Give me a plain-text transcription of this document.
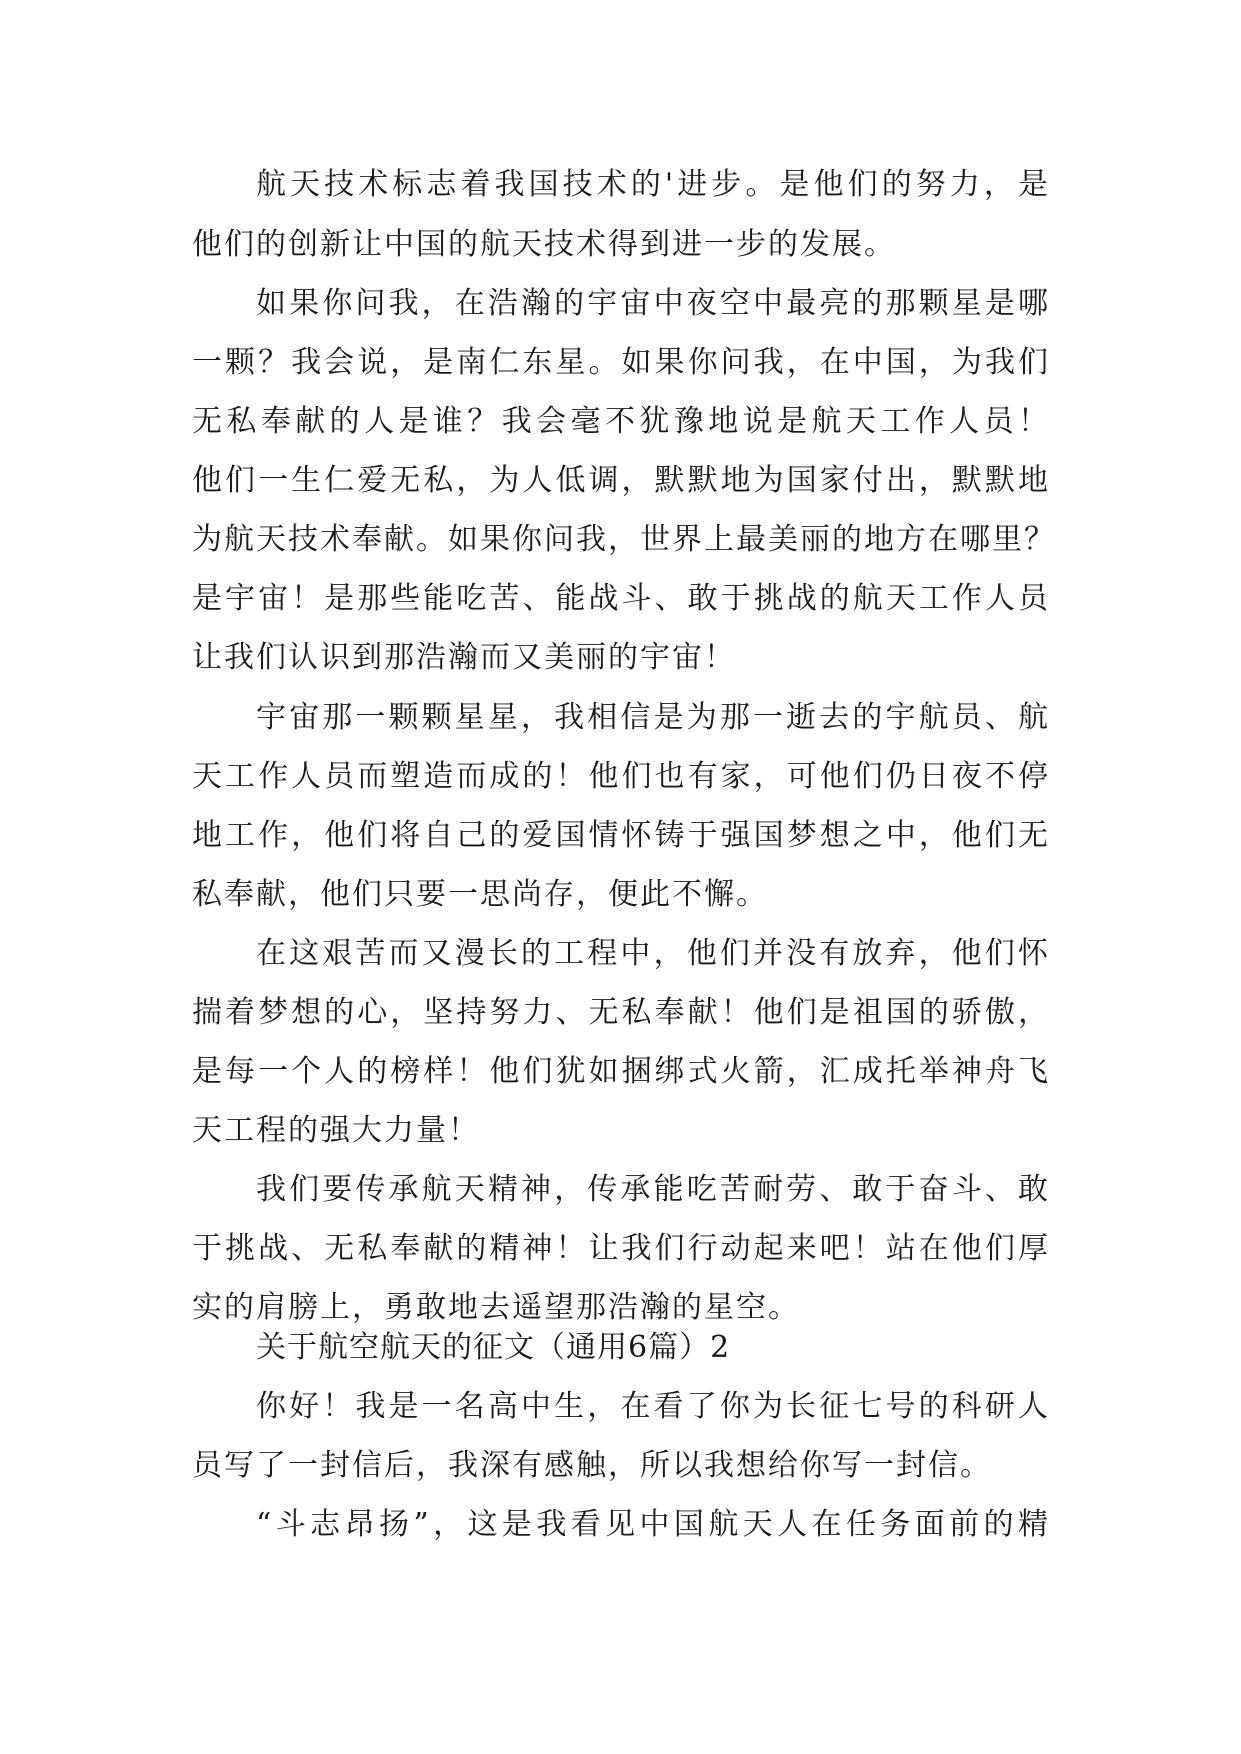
航天技术标志着我国技术的'进步。是他们的努力，是
他们的创新让中国的航天技术得到进一步的发展。
如果你问我，在浩瀚的宇宙中夜空中最亮的那颗星是哪
一颗？我会说，是南仁东星。如果你问我，在中国，为我们
无私奉献的人是谁？我会毫不犹豫地说是航天工作人员！
他们一生仁爱无私，为人低调，默默地为国家付出，默默地
为航天技术奉献。如果你问我，世界上最美丽的地方在哪里？
是宇宙！是那些能吃苦、能战斗、敢于挑战的航天工作人员
让我们认识到那浩瀚而又美丽的宇宙！
宇宙那一颗颗星星，我相信是为那一逝去的宇航员、航
天工作人员而塑造而成的！他们也有家，可他们仍日夜不停
地工作，他们将自己的爱国情怀铸于强国梦想之中，他们无
私奉献，他们只要一思尚存，便此不懈。
在这艰苦而又漫长的工程中，他们并没有放弃，他们怀
揣着梦想的心，坚持努力、无私奉献！他们是祖国的骄傲，
是每一个人的榜样！他们犹如捆绑式火箭，汇成托举神舟飞
天工程的强大力量！
我们要传承航天精神，传承能吃苦耐劳、敢于奋斗、敢
于挑战、无私奉献的精神！让我们行动起来吧！站在他们厚
实的肩膀上，勇敢地去遥望那浩瀚的星空。
关于航空航天的征文（通用6篇）2
你好！我是一名高中生，在看了你为长征七号的科研人
员写了一封信后，我深有感触，所以我想给你写一封信。
“斗志昂扬”，这是我看见中国航天人在任务面前的精
